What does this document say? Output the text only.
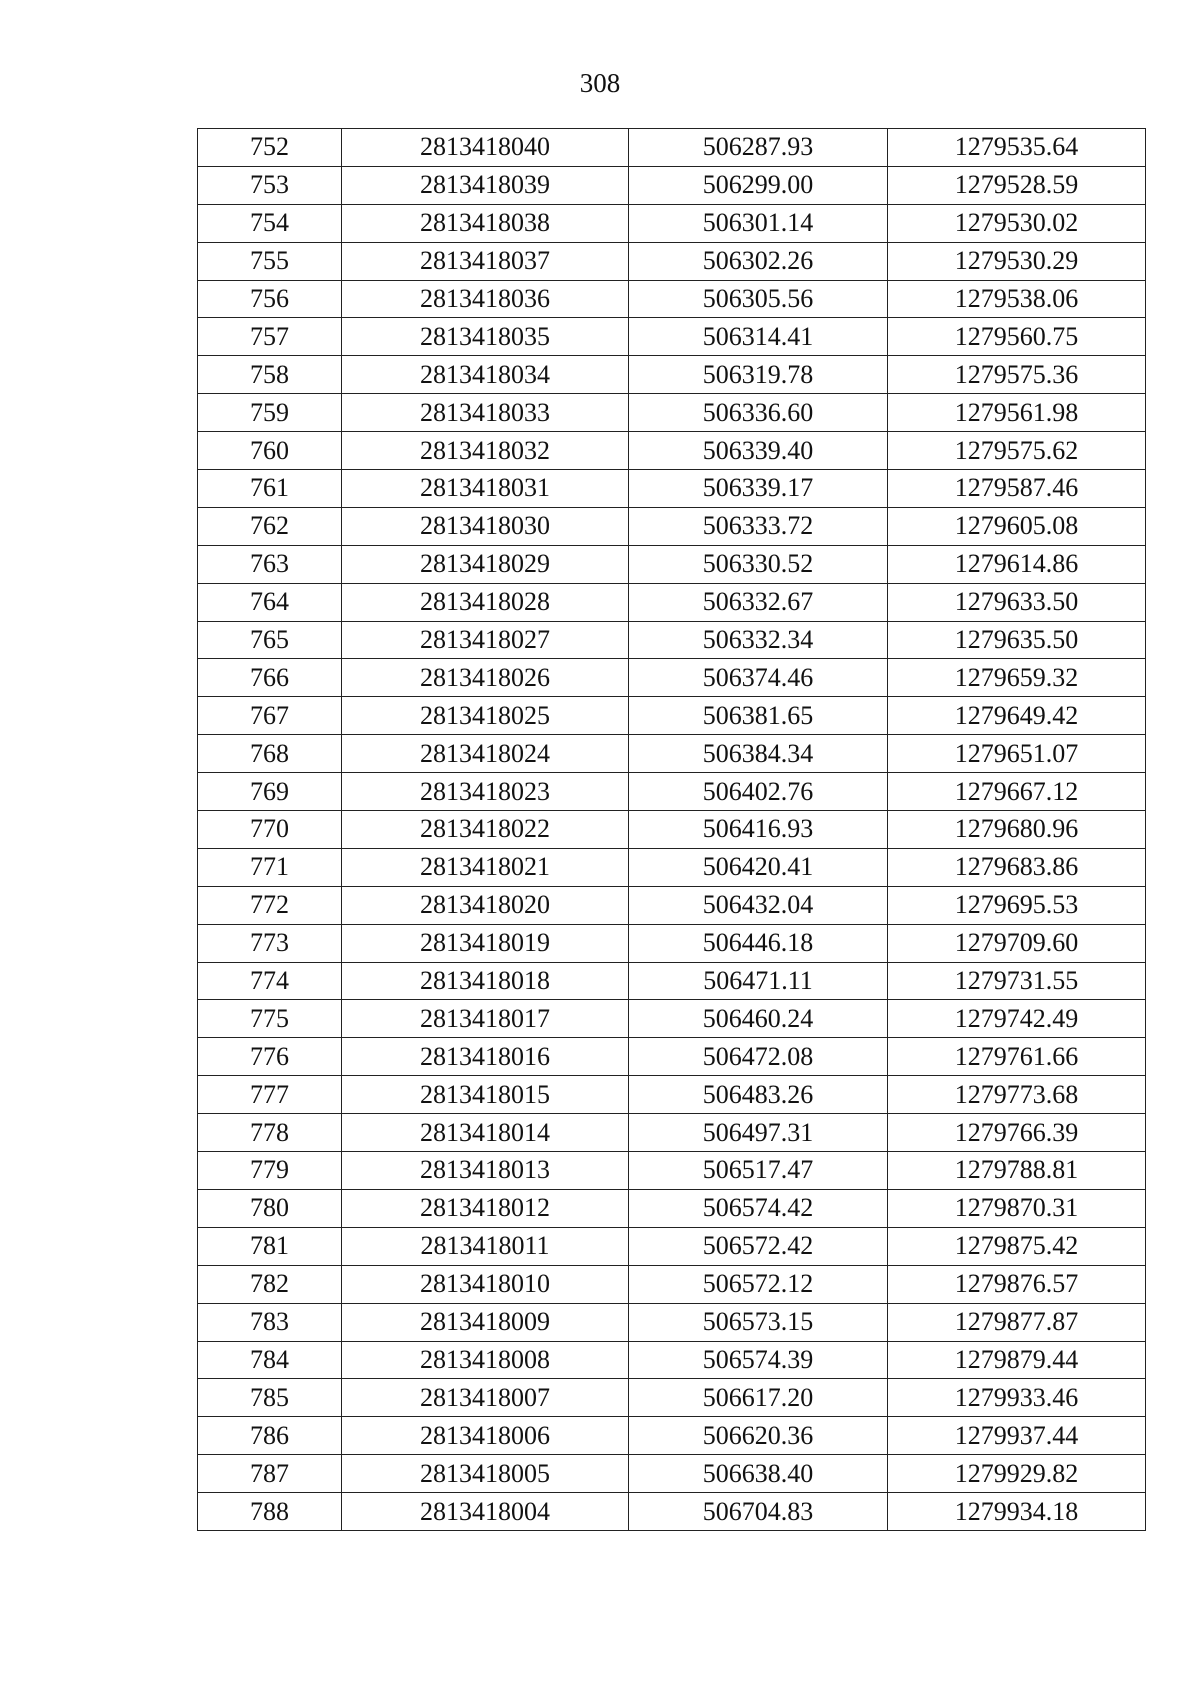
308
752	2813418040	506287.93	1279535.64
753	2813418039	506299.00	1279528.59
754	2813418038	506301.14	1279530.02
755	2813418037	506302.26	1279530.29
756	2813418036	506305.56	1279538.06
757	2813418035	506314.41	1279560.75
758	2813418034	506319.78	1279575.36
759	2813418033	506336.60	1279561.98
760	2813418032	506339.40	1279575.62
761	2813418031	506339.17	1279587.46
762	2813418030	506333.72	1279605.08
763	2813418029	506330.52	1279614.86
764	2813418028	506332.67	1279633.50
765	2813418027	506332.34	1279635.50
766	2813418026	506374.46	1279659.32
767	2813418025	506381.65	1279649.42
768	2813418024	506384.34	1279651.07
769	2813418023	506402.76	1279667.12
770	2813418022	506416.93	1279680.96
771	2813418021	506420.41	1279683.86
772	2813418020	506432.04	1279695.53
773	2813418019	506446.18	1279709.60
774	2813418018	506471.11	1279731.55
775	2813418017	506460.24	1279742.49
776	2813418016	506472.08	1279761.66
777	2813418015	506483.26	1279773.68
778	2813418014	506497.31	1279766.39
779	2813418013	506517.47	1279788.81
780	2813418012	506574.42	1279870.31
781	2813418011	506572.42	1279875.42
782	2813418010	506572.12	1279876.57
783	2813418009	506573.15	1279877.87
784	2813418008	506574.39	1279879.44
785	2813418007	506617.20	1279933.46
786	2813418006	506620.36	1279937.44
787	2813418005	506638.40	1279929.82
788	2813418004	506704.83	1279934.18
